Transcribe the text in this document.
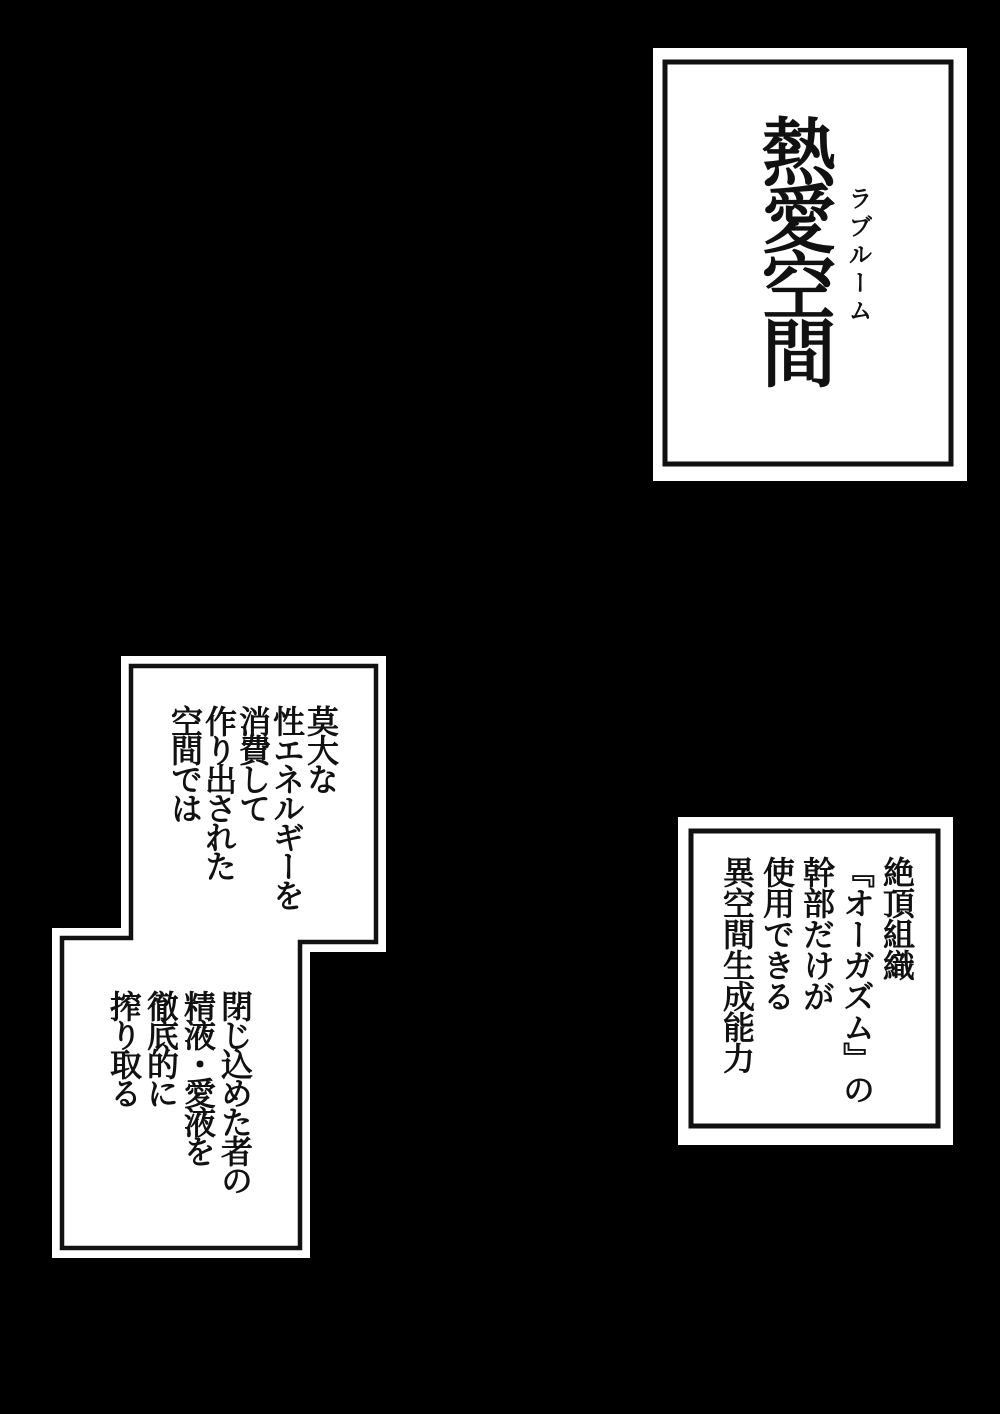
熱愛空間 ラブルーム

莫大な

性エネルギーを

消費して

作り出された

空間では

閉じ込めた者の

精液・愛液を

徹底的に

搾り取る

絶頂組織

『オーガズム』の

幹部だけが

使用できる

異空間生成能力
